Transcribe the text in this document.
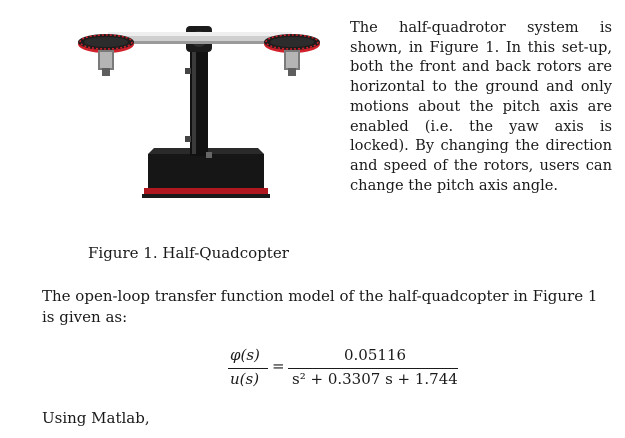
The half-quadrotor system is shown, in Figure 1. In this set-up, both the front and back rotors are horizontal to the ground and only motions about the pitch axis are enabled (i.e. the yaw axis is locked). By changing the direction and speed of the rotors, users can change the pitch axis angle.
Figure 1. Half-Quadcopter
The open-loop transfer function model of the half-quadcopter in Figure 1 is given as:
φ(s)
u(s)
=
0.05116
s² + 0.3307 s + 1.744
Using Matlab,
